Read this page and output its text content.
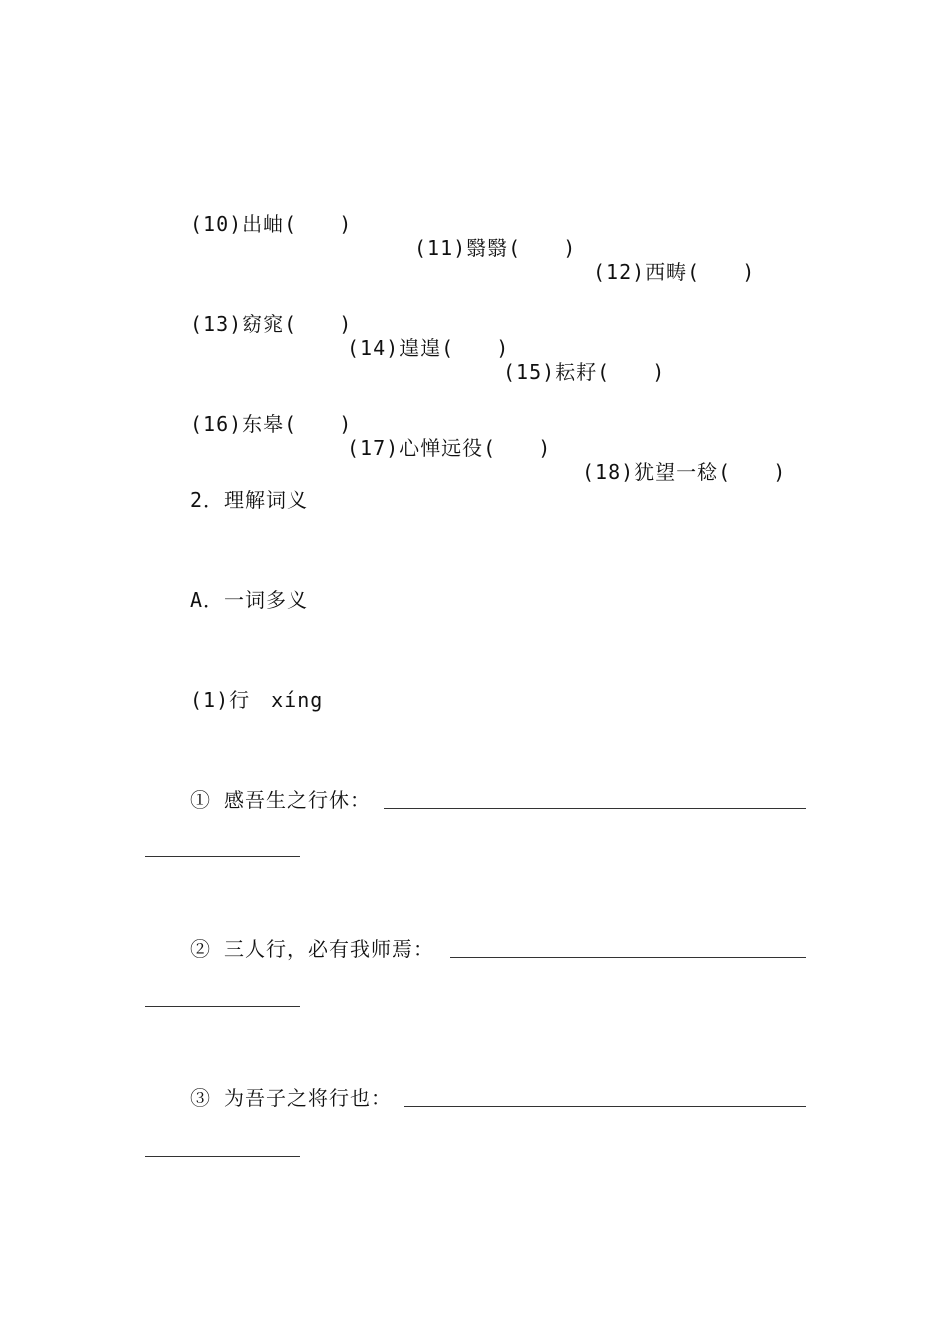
(10)出岫(　　)

(11)翳翳(　　)

(12)西畴(　　)

(13)窈窕(　　)

(14)遑遑(　　)

(15)耘耔(　　)

(16)东皋(　　)

(17)心惮远役(　　)

(18)犹望一稔(　　)

2．理解词义
A．一词多义
(1)行　xíng
① 感吾生之行休：
② 三人行，必有我师焉：
③ 为吾子之将行也：
